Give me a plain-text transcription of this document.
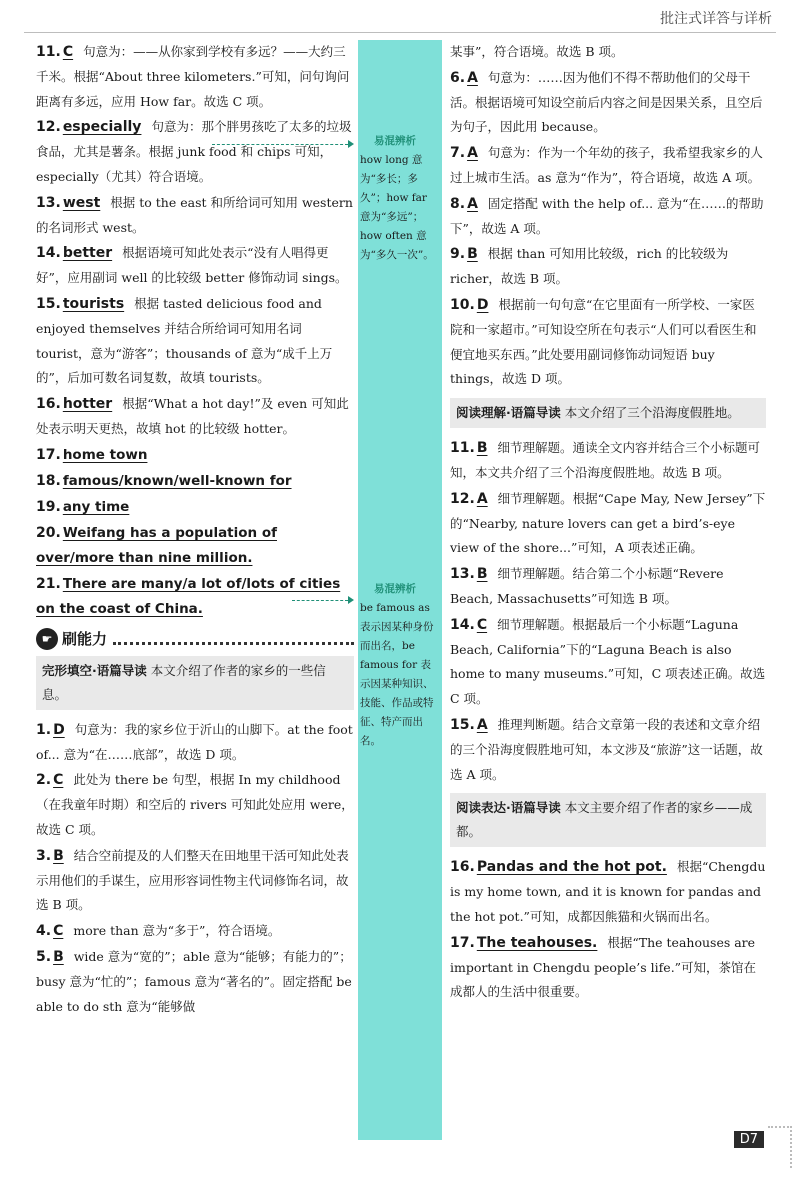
批注式详答与详析
易混辨析
how long 意为“多长；多久”；how far 意为“多远”；how often 意为“多久一次”。
易混辨析
be famous as 表示因某种身份而出名，be famous for 表示因某种知识、技能、作品或特征、特产而出名。
11. C 句意为：——从你家到学校有多远？——大约三千米。根据“About three kilometers.”可知，问句询问距离有多远，应用 How far。故选 C 项。
12. especially 句意为：那个胖男孩吃了太多的垃圾食品，尤其是薯条。根据 junk food 和 chips 可知，especially（尤其）符合语境。
13. west 根据 to the east 和所给词可知用 western 的名词形式 west。
14. better 根据语境可知此处表示“没有人唱得更好”，应用副词 well 的比较级 better 修饰动词 sings。
15. tourists 根据 tasted delicious food and enjoyed themselves 并结合所给词可知用名词 tourist，意为“游客”；thousands of 意为“成千上万的”，后加可数名词复数，故填 tourists。
16. hotter 根据“What a hot day!”及 even 可知此处表示明天更热，故填 hot 的比较级 hotter。
17. home town
18. famous/known/well-known for
19. any time
20. Weifang has a population of over/more than nine million.
21. There are many/a lot of/lots of cities on the coast of China.
☛ 刷能力
完形填空·语篇导读 本文介绍了作者的家乡的一些信息。
1. D 句意为：我的家乡位于沂山的山脚下。at the foot of... 意为“在……底部”，故选 D 项。
2. C 此处为 there be 句型，根据 In my childhood（在我童年时期）和空后的 rivers 可知此处应用 were，故选 C 项。
3. B 结合空前提及的人们整天在田地里干活可知此处表示用他们的手谋生，应用形容词性物主代词修饰名词，故选 B 项。
4. C more than 意为“多于”，符合语境。
5. B wide 意为“宽的”；able 意为“能够；有能力的”；busy 意为“忙的”；famous 意为“著名的”。固定搭配 be able to do sth 意为“能够做
某事”，符合语境。故选 B 项。
6. A 句意为：……因为他们不得不帮助他们的父母干活。根据语境可知设空前后内容之间是因果关系，且空后为句子，因此用 because。
7. A 句意为：作为一个年幼的孩子，我希望我家乡的人过上城市生活。as 意为“作为”，符合语境，故选 A 项。
8. A 固定搭配 with the help of... 意为“在……的帮助下”，故选 A 项。
9. B 根据 than 可知用比较级，rich 的比较级为 richer，故选 B 项。
10. D 根据前一句句意“在它里面有一所学校、一家医院和一家超市。”可知设空所在句表示“人们可以看医生和便宜地买东西。”此处要用副词修饰动词短语 buy things，故选 D 项。
阅读理解·语篇导读 本文介绍了三个沿海度假胜地。
11. B 细节理解题。通读全文内容并结合三个小标题可知，本文共介绍了三个沿海度假胜地。故选 B 项。
12. A 细节理解题。根据“Cape May, New Jersey”下的“Nearby, nature lovers can get a bird’s-eye view of the shore...”可知，A 项表述正确。
13. B 细节理解题。结合第二个小标题“Revere Beach, Massachusetts”可知选 B 项。
14. C 细节理解题。根据最后一个小标题“Laguna Beach, California”下的“Laguna Beach is also home to many museums.”可知，C 项表述正确。故选 C 项。
15. A 推理判断题。结合文章第一段的表述和文章介绍的三个沿海度假胜地可知，本文涉及“旅游”这一话题，故选 A 项。
阅读表达·语篇导读 本文主要介绍了作者的家乡——成都。
16. Pandas and the hot pot. 根据“Chengdu is my home town, and it is known for pandas and the hot pot.”可知，成都因熊猫和火锅而出名。
17. The teahouses. 根据“The teahouses are important in Chengdu people’s life.”可知，茶馆在成都人的生活中很重要。
D7
